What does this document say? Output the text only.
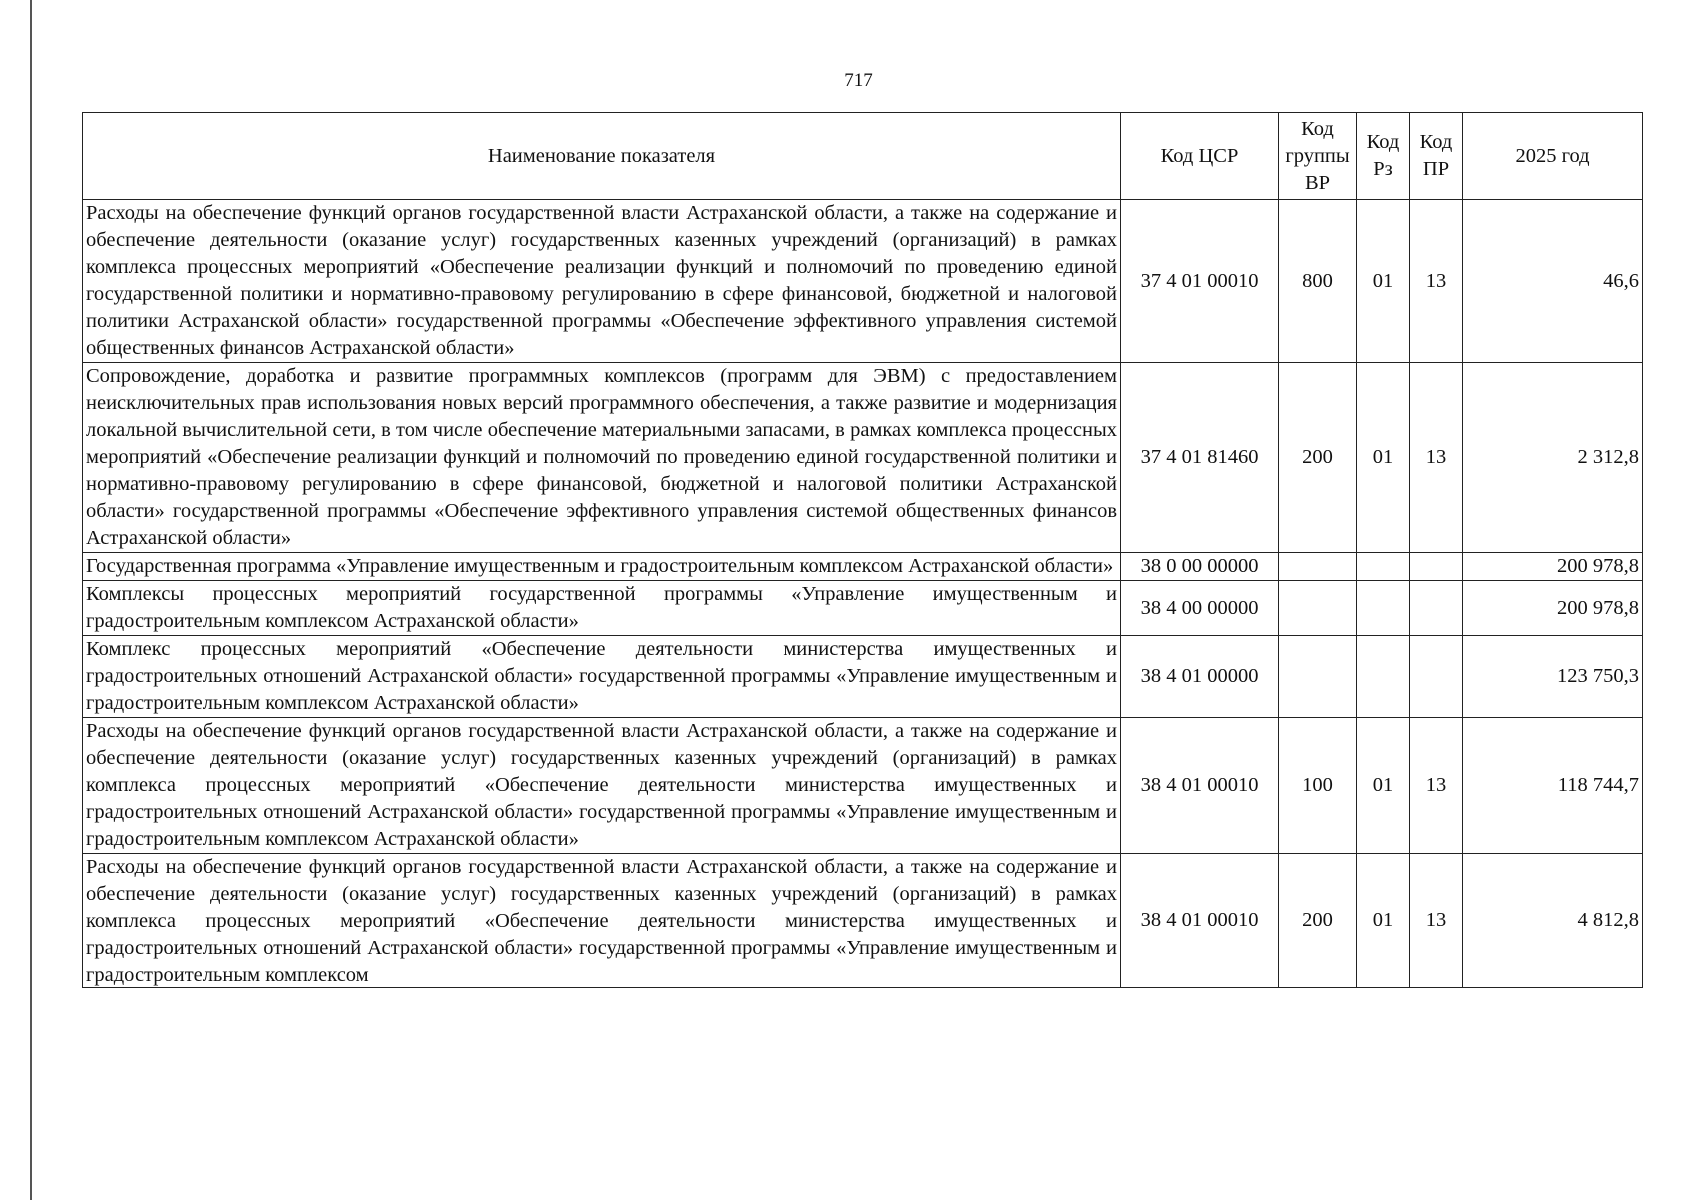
717
Наименование показателя	Код ЦСР	Код группы ВР	Код Рз	Код ПР	2025 год
Расходы на обеспечение функций органов государственной власти Астраханской области, а также на содержание и обеспечение деятельности (оказание услуг) государственных казенных учреждений (организаций) в рамках комплекса процессных мероприятий «Обеспечение реализации функций и полномочий по проведению единой государственной политики и нормативно-правовому регулированию в сфере финансовой, бюджетной и налоговой политики Астраханской области» государственной программы «Обеспечение эффективного управления системой общественных финансов Астраханской области»	37 4 01 00010	800	01	13	46,6
Сопровождение, доработка и развитие программных комплексов (программ для ЭВМ) с предоставлением неисключительных прав использования новых версий программного обеспечения, а также развитие и модернизация локальной вычислительной сети, в том числе обеспечение материальными запасами, в рамках комплекса процессных мероприятий «Обеспечение реализации функций и полномочий по проведению единой государственной политики и нормативно-правовому регулированию в сфере финансовой, бюджетной и налоговой политики Астраханской области» государственной программы «Обеспечение эффективного управления системой общественных финансов Астраханской области»	37 4 01 81460	200	01	13	2 312,8
Государственная программа «Управление имущественным и градостроительным комплексом Астраханской области»	38 0 00 00000				200 978,8
Комплексы процессных мероприятий государственной программы «Управление имущественным и градостроительным комплексом Астраханской области»	38 4 00 00000				200 978,8
Комплекс процессных мероприятий «Обеспечение деятельности министерства имущественных и градостроительных отношений Астраханской области» государственной программы «Управление имущественным и градостроительным комплексом Астраханской области»	38 4 01 00000				123 750,3
Расходы на обеспечение функций органов государственной власти Астраханской области, а также на содержание и обеспечение деятельности (оказание услуг) государственных казенных учреждений (организаций) в рамках комплекса процессных мероприятий «Обеспечение деятельности министерства имущественных и градостроительных отношений Астраханской области» государственной программы «Управление имущественным и градостроительным комплексом Астраханской области»	38 4 01 00010	100	01	13	118 744,7

Расходы на обеспечение функций органов государственной власти Астраханской области, а также на содержание и обеспечение деятельности (оказание услуг) государственных казенных учреждений (организаций) в рамках комплекса процессных мероприятий «Обеспечение деятельности министерства имущественных и градостроительных отношений Астраханской области» государственной программы «Управление имущественным и градостроительным комплексом	38 4 01 00010	200	01	13	4 812,8
